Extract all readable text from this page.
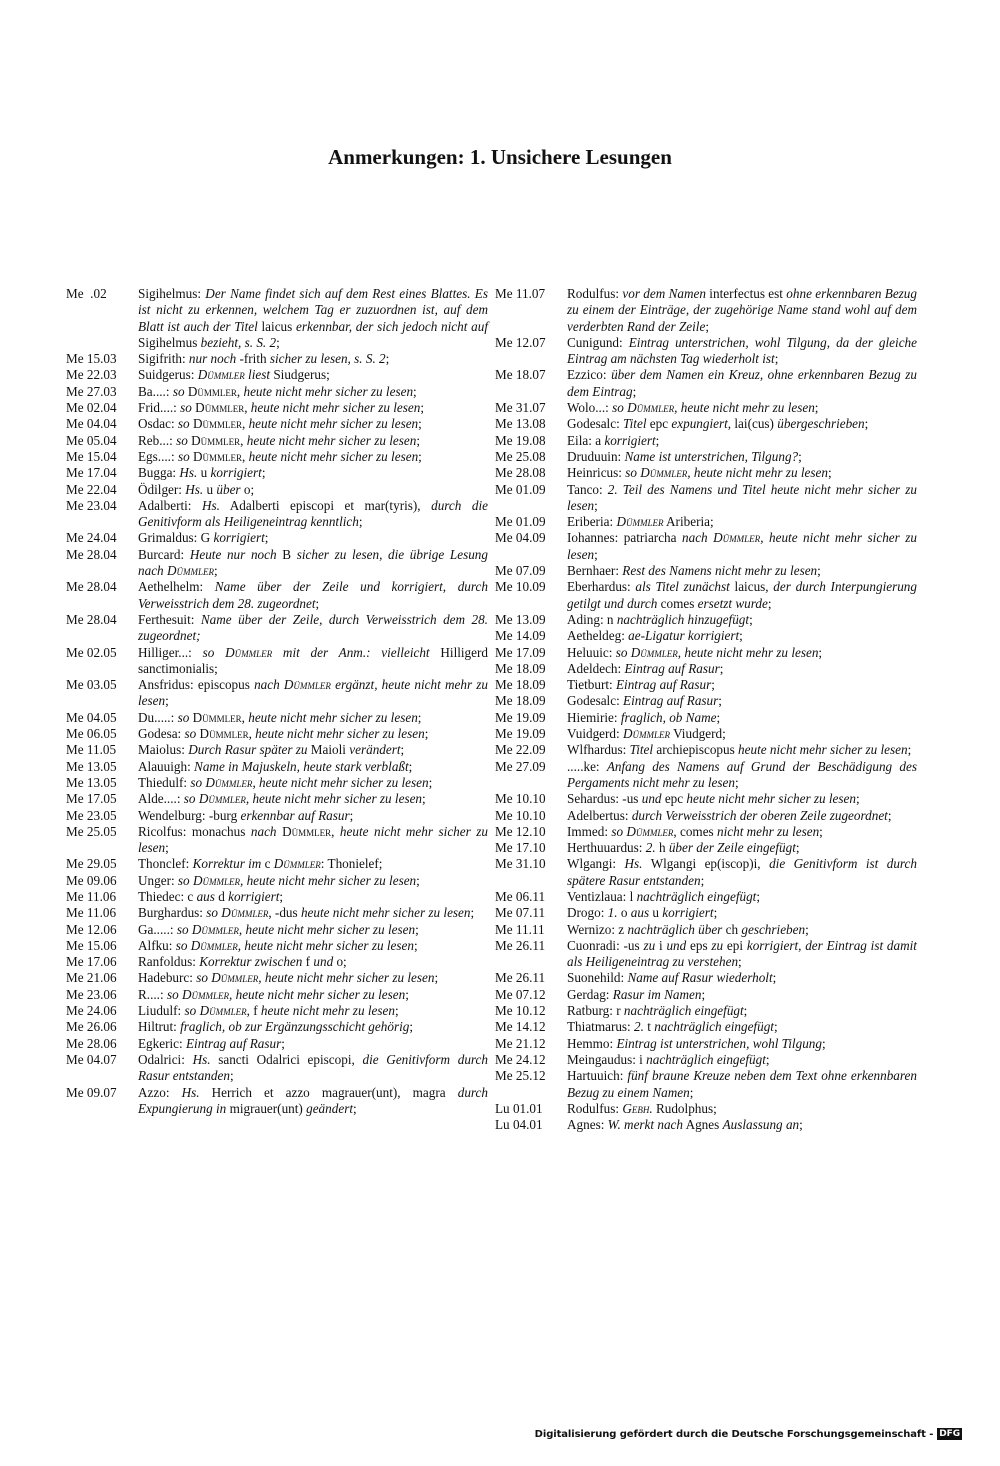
Anmerkungen: 1. Unsichere Lesungen
Me  .02	Sigihelmus: Der Name findet sich auf dem Rest eines Blattes. Es ist nicht zu erkennen, welchem Tag er zuzuordnen ist, auf dem Blatt ist auch der Titel laicus erkennbar, der sich jedoch nicht auf Sigihelmus bezieht, s. S. 2;
Me 15.03	Sigifrith: nur noch -frith sicher zu lesen, s. S. 2;
Me 22.03	Suidgerus: Dümmler liest Siudgerus;
Me 27.03	Ba....: so Dümmler, heute nicht mehr sicher zu lesen;
Me 02.04	Frid....: so Dümmler, heute nicht mehr sicher zu lesen;
Me 04.04	Osdac: so Dümmler, heute nicht mehr sicher zu lesen;
Me 05.04	Reb...: so Dümmler, heute nicht mehr sicher zu lesen;
Me 15.04	Egs....: so Dümmler, heute nicht mehr sicher zu lesen;
Me 17.04	Bugga: Hs. u korrigiert;
Me 22.04	Ödilger: Hs. u über o;
Me 23.04	Adalberti: Hs. Adalberti episcopi et mar(tyris), durch die Genitivform als Heiligeneintrag kenntlich;
Me 24.04	Grimaldus: G korrigiert;
Me 28.04	Burcard: Heute nur noch B sicher zu lesen, die übrige Lesung nach Dümmler;
Me 28.04	Aethelhelm: Name über der Zeile und korrigiert, durch Verweisstrich dem 28. zugeordnet;
Me 28.04	Ferthesuit: Name über der Zeile, durch Verweisstrich dem 28. zugeordnet;
Me 02.05	Hilliger...: so Dümmler mit der Anm.: vielleicht Hilligerd sanctimonialis;
Me 03.05	Ansfridus: episcopus nach Dümmler ergänzt, heute nicht mehr zu lesen;
Me 04.05	Du.....: so Dümmler, heute nicht mehr sicher zu lesen;
Me 06.05	Godesa: so Dümmler, heute nicht mehr sicher zu lesen;
Me 11.05	Maiolus: Durch Rasur später zu Maioli verändert;
Me 13.05	Alauuigh: Name in Majuskeln, heute stark verblaßt;
Me 13.05	Thiedulf: so Dümmler, heute nicht mehr sicher zu lesen;
Me 17.05	Alde....: so Dümmler, heute nicht mehr sicher zu lesen;
Me 23.05	Wendelburg: -burg erkennbar auf Rasur;
Me 25.05	Ricolfus: monachus nach Dümmler, heute nicht mehr sicher zu lesen;
Me 29.05	Thonclef: Korrektur im c Dümmler: Thonielef;
Me 09.06	Unger: so Dümmler, heute nicht mehr sicher zu lesen;
Me 11.06	Thiedec: c aus d korrigiert;
Me 11.06	Burghardus: so Dümmler, -dus heute nicht mehr sicher zu lesen;
Me 12.06	Ga.....: so Dümmler, heute nicht mehr sicher zu lesen;
Me 15.06	Alfku: so Dümmler, heute nicht mehr sicher zu lesen;
Me 17.06	Ranfoldus: Korrektur zwischen f und o;
Me 21.06	Hadeburc: so Dümmler, heute nicht mehr sicher zu lesen;
Me 23.06	R....: so Dümmler, heute nicht mehr sicher zu lesen;
Me 24.06	Liudulf: so Dümmler, f heute nicht mehr zu lesen;
Me 26.06	Hiltrut: fraglich, ob zur Ergänzungsschicht gehörig;
Me 28.06	Egkeric: Eintrag auf Rasur;
Me 04.07	Odalrici: Hs. sancti Odalrici episcopi, die Genitivform durch Rasur entstanden;
Me 09.07	Azzo: Hs. Herrich et azzo magrauer(unt), magra durch Expungierung in migrauer(unt) geändert;
Me 11.07	Rodulfus: vor dem Namen interfectus est ohne erkennbaren Bezug zu einem der Einträge, der zugehörige Name stand wohl auf dem verderbten Rand der Zeile;
Me 12.07	Cunigund: Eintrag unterstrichen, wohl Tilgung, da der gleiche Eintrag am nächsten Tag wiederholt ist;
Me 18.07	Ezzico: über dem Namen ein Kreuz, ohne erkennbaren Bezug zu dem Eintrag;
Me 31.07	Wolo...: so Dümmler, heute nicht mehr zu lesen;
Me 13.08	Godesalc: Titel epc expungiert, lai(cus) übergeschrieben;
Me 19.08	Eila: a korrigiert;
Me 25.08	Druduuin: Name ist unterstrichen, Tilgung?;
Me 28.08	Heinricus: so Dümmler, heute nicht mehr zu lesen;
Me 01.09	Tanco: 2. Teil des Namens und Titel heute nicht mehr sicher zu lesen;
Me 01.09	Eriberia: Dümmler Ariberia;
Me 04.09	Iohannes: patriarcha nach Dümmler, heute nicht mehr sicher zu lesen;
Me 07.09	Bernhaer: Rest des Namens nicht mehr zu lesen;
Me 10.09	Eberhardus: als Titel zunächst laicus, der durch Interpungierung getilgt und durch comes ersetzt wurde;
Me 13.09	Ading: n nachträglich hinzugefügt;
Me 14.09	Aetheldeg: ae-Ligatur korrigiert;
Me 17.09	Heluuic: so Dümmler, heute nicht mehr zu lesen;
Me 18.09	Adeldech: Eintrag auf Rasur;
Me 18.09	Tietburt: Eintrag auf Rasur;
Me 18.09	Godesalc: Eintrag auf Rasur;
Me 19.09	Hiemirie: fraglich, ob Name;
Me 19.09	Vuidgerd: Dümmler Viudgerd;
Me 22.09	Wlfhardus: Titel archiepiscopus heute nicht mehr sicher zu lesen;
Me 27.09	.....ke: Anfang des Namens auf Grund der Beschädigung des Pergaments nicht mehr zu lesen;
Me 10.10	Sehardus: -us und epc heute nicht mehr sicher zu lesen;
Me 10.10	Adelbertus: durch Verweisstrich der oberen Zeile zugeordnet;
Me 12.10	Immed: so Dümmler, comes nicht mehr zu lesen;
Me 17.10	Herthuuardus: 2. h über der Zeile eingefügt;
Me 31.10	Wlgangi: Hs. Wlgangi ep(iscop)i, die Genitivform ist durch spätere Rasur entstanden;
Me 06.11	Ventizlaua: l nachträglich eingefügt;
Me 07.11	Drogo: 1. o aus u korrigiert;
Me 11.11	Wernizo: z nachträglich über ch geschrieben;
Me 26.11	Cuonradi: -us zu i und eps zu epi korrigiert, der Eintrag ist damit als Heiligeneintrag zu verstehen;
Me 26.11	Suonehild: Name auf Rasur wiederholt;
Me 07.12	Gerdag: Rasur im Namen;
Me 10.12	Ratburg: r nachträglich eingefügt;
Me 14.12	Thiatmarus: 2. t nachträglich eingefügt;
Me 21.12	Hemmo: Eintrag ist unterstrichen, wohl Tilgung;
Me 24.12	Meingaudus: i nachträglich eingefügt;
Me 25.12	Hartuuich: fünf braune Kreuze neben dem Text ohne erkennbaren Bezug zu einem Namen;
Lu 01.01	Rodulfus: Gebh. Rudolphus;
Lu 04.01	Agnes: W. merkt nach Agnes Auslassung an;
Digitalisierung gefördert durch die Deutsche Forschungsgemeinschaft - DFG
